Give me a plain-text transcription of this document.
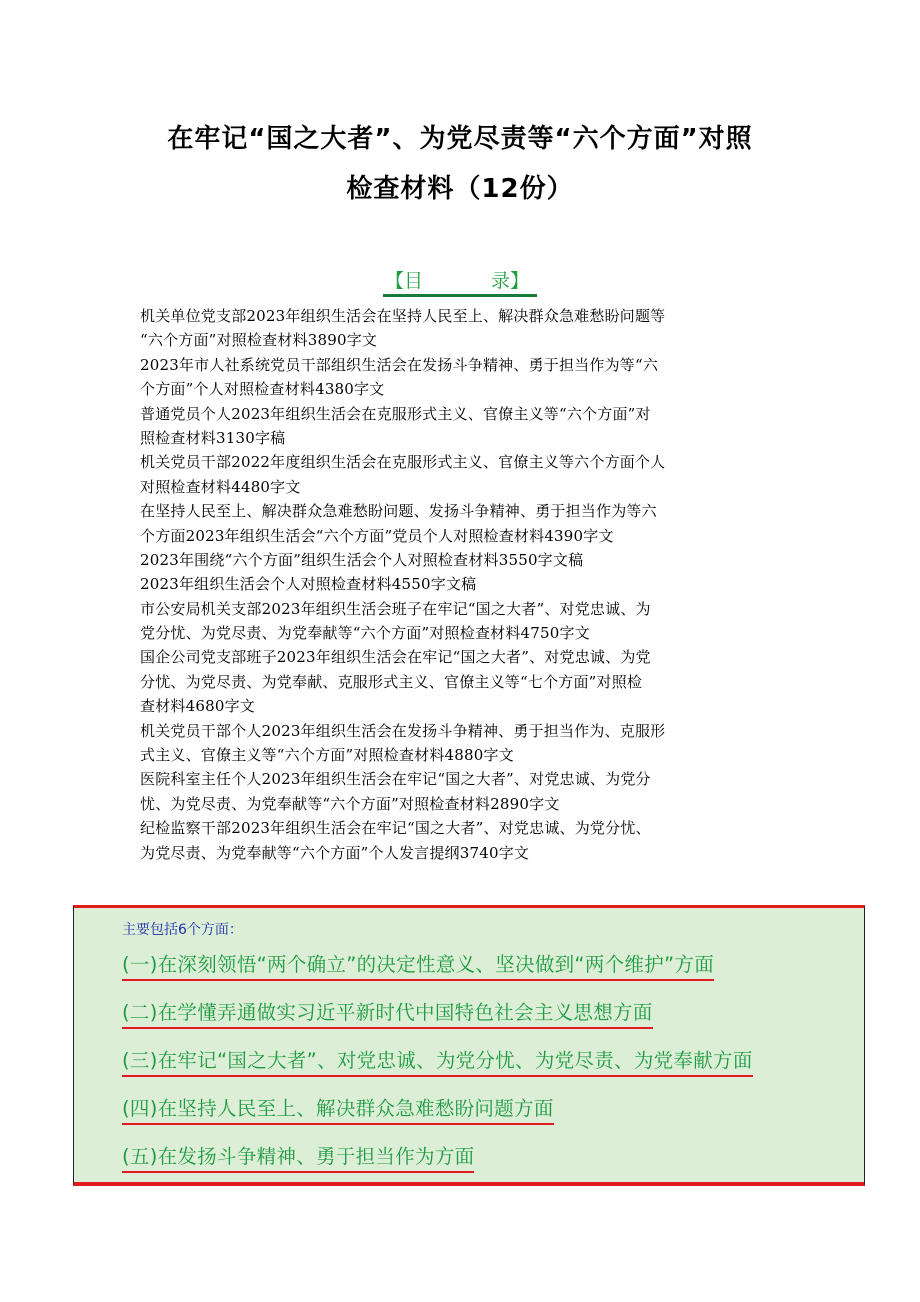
在牢记“国之大者”、为党尽责等“六个方面”对照
检查材料（12份）
【目	录】
机关单位党支部2023年组织生活会在坚持人民至上、解决群众急难愁盼问题等
“六个方面”对照检查材料3890字文
2023年市人社系统党员干部组织生活会在发扬斗争精神、勇于担当作为等“六
个方面”个人对照检查材料4380字文
普通党员个人2023年组织生活会在克服形式主义、官僚主义等“六个方面”对
照检查材料3130字稿
机关党员干部2022年度组织生活会在克服形式主义、官僚主义等六个方面个人
对照检查材料4480字文
在坚持人民至上、解决群众急难愁盼问题、发扬斗争精神、勇于担当作为等六
个方面2023年组织生活会“六个方面”党员个人对照检查材料4390字文
2023年围绕“六个方面”组织生活会个人对照检查材料3550字文稿
2023年组织生活会个人对照检查材料4550字文稿
市公安局机关支部2023年组织生活会班子在牢记“国之大者”、对党忠诚、为
党分忧、为党尽责、为党奉献等“六个方面”对照检查材料4750字文
国企公司党支部班子2023年组织生活会在牢记“国之大者”、对党忠诚、为党
分忧、为党尽责、为党奉献、克服形式主义、官僚主义等“七个方面”对照检
查材料4680字文
机关党员干部个人2023年组织生活会在发扬斗争精神、勇于担当作为、克服形
式主义、官僚主义等“六个方面”对照检查材料4880字文
医院科室主任个人2023年组织生活会在牢记“国之大者”、对党忠诚、为党分
忧、为党尽责、为党奉献等“六个方面”对照检查材料2890字文
纪检监察干部2023年组织生活会在牢记“国之大者”、对党忠诚、为党分忧、
为党尽责、为党奉献等“六个方面”个人发言提纲3740字文
主要包括6个方面：
(一)在深刻领悟“两个确立”的决定性意义、坚决做到“两个维护”方面
(二)在学懂弄通做实习近平新时代中国特色社会主义思想方面
(三)在牢记“国之大者”、对党忠诚、为党分忧、为党尽责、为党奉献方面
(四)在坚持人民至上、解决群众急难愁盼问题方面
(五)在发扬斗争精神、勇于担当作为方面
